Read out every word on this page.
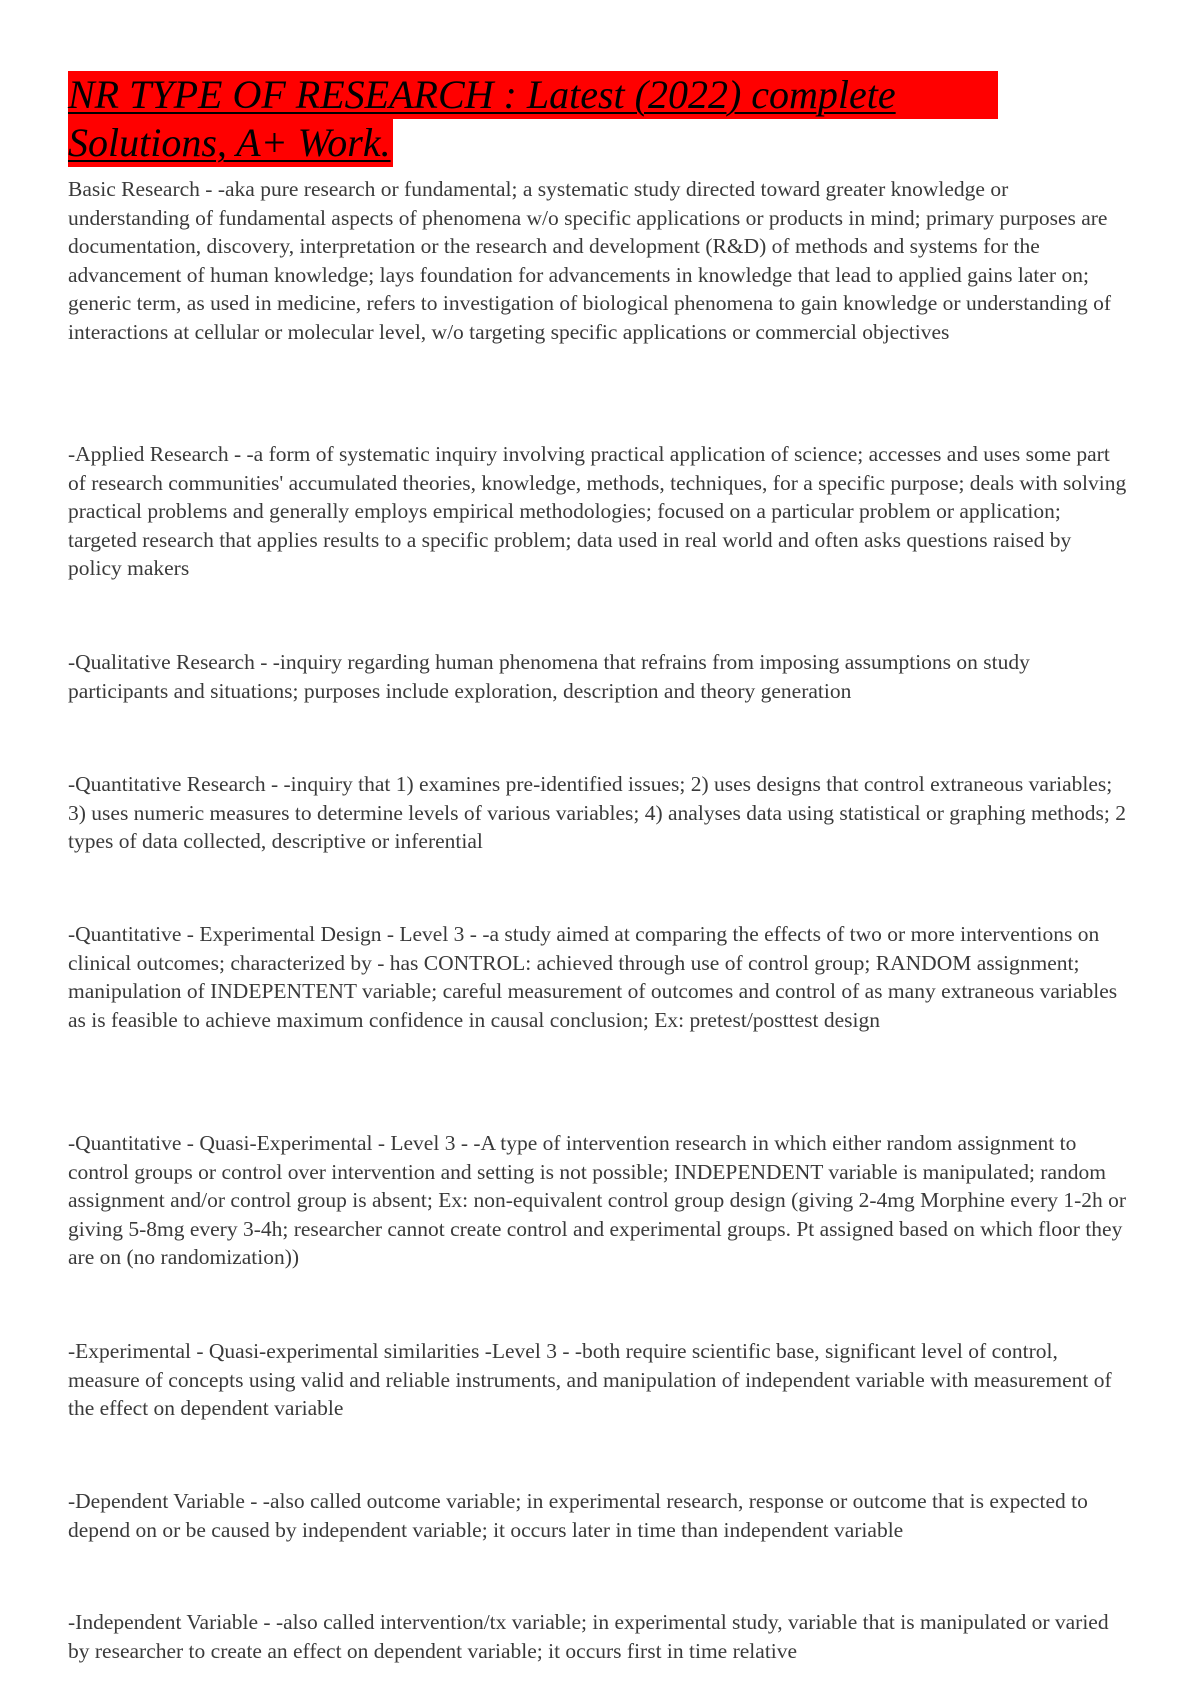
NR TYPE OF RESEARCH : Latest (2022) complete
Solutions, A+ Work.

Basic Research - -aka pure research or fundamental; a systematic study directed toward greater knowledge or understanding of fundamental aspects of phenomena w/o specific applications or products in mind; primary purposes are documentation, discovery, interpretation or the research and development (R&D) of methods and systems for the advancement of human knowledge; lays foundation for advancements in knowledge that lead to applied gains later on; generic term, as used in medicine, refers to investigation of biological phenomena to gain knowledge or understanding of interactions at cellular or molecular level, w/o targeting specific applications or commercial objectives

-Applied Research - -a form of systematic inquiry involving practical application of science; accesses and uses some part of research communities' accumulated theories, knowledge, methods, techniques, for a specific purpose; deals with solving practical problems and generally employs empirical methodologies; focused on a particular problem or application; targeted research that applies results to a specific problem; data used in real world and often asks questions raised by policy makers

-Qualitative Research - -inquiry regarding human phenomena that refrains from imposing assumptions on study participants and situations; purposes include exploration, description and theory generation

-Quantitative Research - -inquiry that 1) examines pre-identified issues; 2) uses designs that control extraneous variables; 3) uses numeric measures to determine levels of various variables; 4) analyses data using statistical or graphing methods; 2 types of data collected, descriptive or inferential

-Quantitative - Experimental Design - Level 3 - -a study aimed at comparing the effects of two or more interventions on clinical outcomes; characterized by - has CONTROL: achieved through use of control group; RANDOM assignment; manipulation of INDEPENTENT variable; careful measurement of outcomes and control of as many extraneous variables as is feasible to achieve maximum confidence in causal conclusion; Ex: pretest/posttest design

-Quantitative - Quasi-Experimental - Level 3 - -A type of intervention research in which either random assignment to control groups or control over intervention and setting is not possible; INDEPENDENT variable is manipulated; random assignment and/or control group is absent; Ex: non-equivalent control group design (giving 2-4mg Morphine every 1-2h or giving 5-8mg every 3-4h; researcher cannot create control and experimental groups. Pt assigned based on which floor they are on (no randomization))

-Experimental - Quasi-experimental similarities -Level 3 - -both require scientific base, significant level of control, measure of concepts using valid and reliable instruments, and manipulation of independent variable with measurement of the effect on dependent variable

-Dependent Variable - -also called outcome variable; in experimental research, response or outcome that is expected to depend on or be caused by independent variable; it occurs later in time than independent variable

-Independent Variable - -also called intervention/tx variable; in experimental study, variable that is manipulated or varied by researcher to create an effect on dependent variable; it occurs first in time relative
